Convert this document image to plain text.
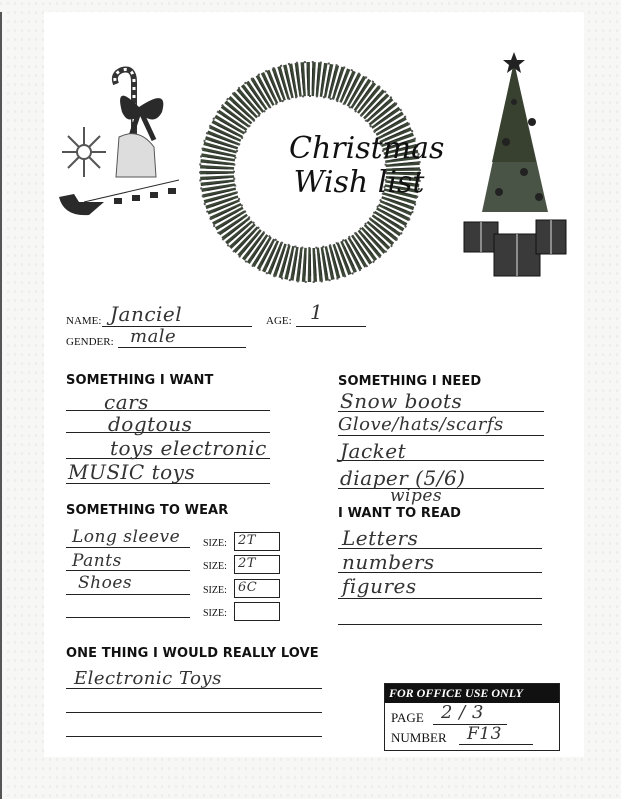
Christmas
Wish list
NAME: Janciel	AGE: 1
GENDER: male
SOMETHING I WANT
cars
dogtous
toys electronic
MUSIC toys
SOMETHING I NEED
Snow boots
Glove/hats/scarfs
Jacket
diaper (5/6)
wipes
SOMETHING TO WEAR
Long sleeve
Pants
Shoes
SIZE:
SIZE:
SIZE:
SIZE:
2T
2T
6C
I WANT TO READ
Letters
numbers
figures
ONE THING I WOULD REALLY LOVE
Electronic Toys
FOR OFFICE USE ONLY
PAGE 2 / 3
NUMBER F13
